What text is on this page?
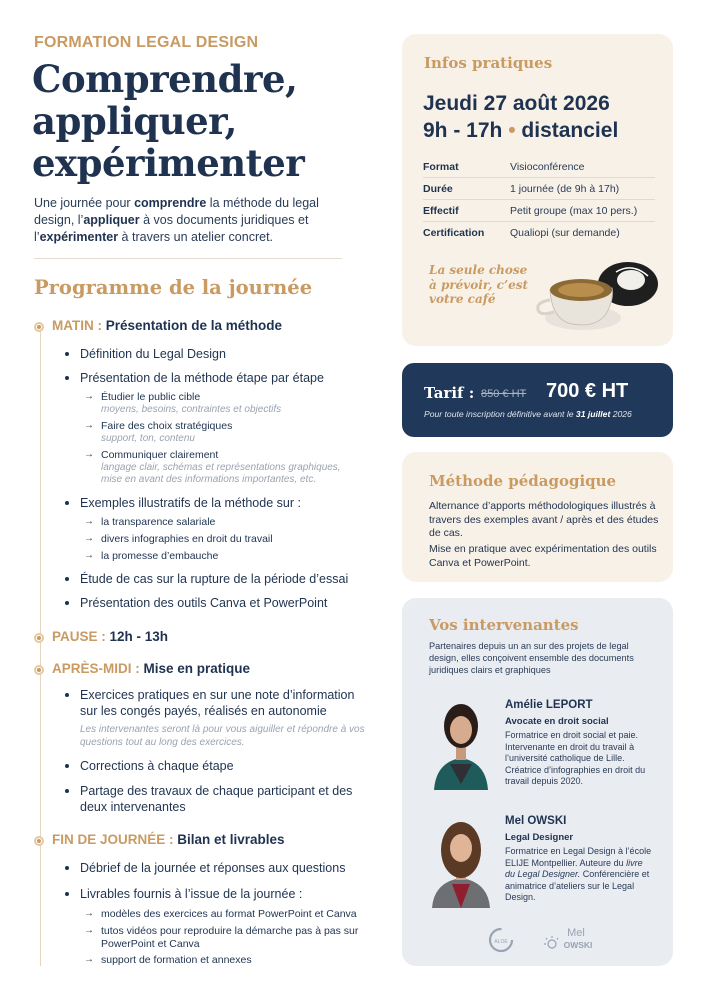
FORMATION LEGAL DESIGN
Comprendre,
appliquer,
expérimenter
Une journée pour comprendre la méthode du legal design, l’appliquer à vos documents juridiques et l’expérimenter à travers un atelier concret.
Programme de la journée
MATIN : Présentation de la méthode
Définition du Legal Design
Présentation de la méthode étape par étape
→ Étudier le public cible
moyens, besoins, contraintes et objectifs
→ Faire des choix stratégiques
support, ton, contenu
→ Communiquer clairement
langage clair, schémas et représentations graphiques, mise en avant des informations importantes, etc.
Exemples illustratifs de la méthode sur :
→ la transparence salariale
→ divers infographies en droit du travail
→ la promesse d’embauche
Étude de cas sur la rupture de la période d’essai
Présentation des outils Canva et PowerPoint
PAUSE : 12h - 13h
APRÈS-MIDI : Mise en pratique
Exercices pratiques en sur une note d’information sur les congés payés, réalisés en autonomie
Les intervenantes seront là pour vous aiguiller et répondre à vos questions tout au long des exercices.
Corrections à chaque étape
Partage des travaux de chaque participant et des deux intervenantes
FIN DE JOURNÉE : Bilan et livrables
Débrief de la journée et réponses aux questions
Livrables fournis à l’issue de la journée :
→ modèles des exercices au format PowerPoint et Canva
→ tutos vidéos pour reproduire la démarche pas à pas sur PowerPoint et Canva
→ support de formation et annexes
Infos pratiques
Jeudi 27 août 2026
9h - 17h • distanciel
Format	Visioconférence
Durée	1 journée (de 9h à 17h)
Effectif	Petit groupe (max 10 pers.)
Certification Qualiopi (sur demande)
La seule chose à prévoir, c’est votre café
Tarif : 850 € HT 700 € HT
Pour toute inscription définitive avant le 31 juillet 2026
Méthode pédagogique
Alternance d’apports méthodologiques illustrés à travers des exemples avant / après et des études de cas.
Mise en pratique avec expérimentation des outils Canva et PowerPoint.
Vos intervenantes
Partenaires depuis un an sur des projets de legal design, elles conçoivent ensemble des documents juridiques clairs et graphiques
Amélie LEPORT
Avocate en droit social
Formatrice en droit social et paie. Intervenante en droit du travail à l’université catholique de Lille. Créatrice d’infographies en droit du travail depuis 2020.
Mel OWSKI
Legal Designer
Formatrice en Legal Design à l’école ELIJE Montpellier. Auteure du livre du Legal Designer. Conférencière et animatrice d’ateliers sur le Legal Design.
ALOE
Mel
OWSKI
